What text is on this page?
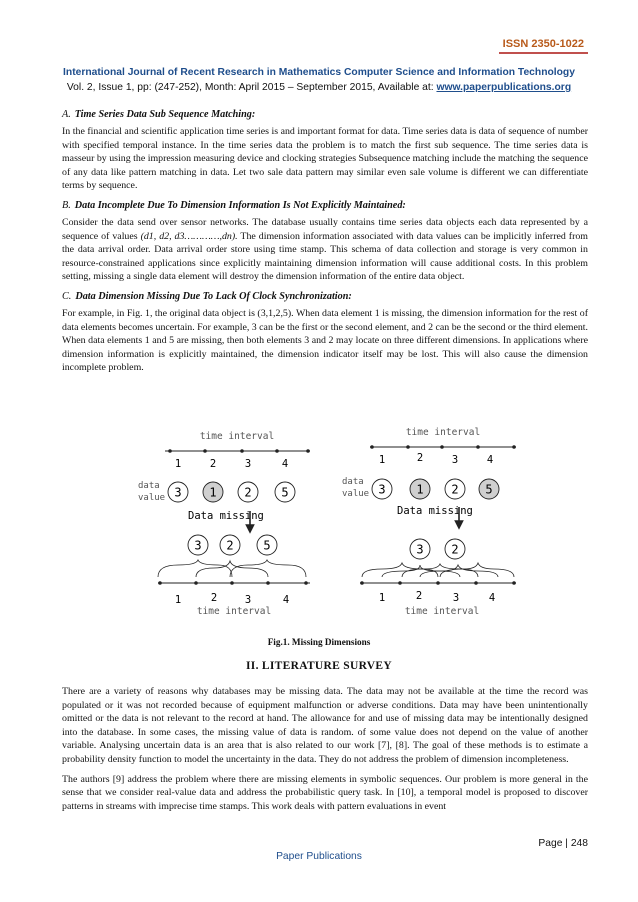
ISSN 2350-1022
International Journal of Recent Research in Mathematics Computer Science and Information Technology
Vol. 2, Issue 1, pp: (247-252), Month: April 2015 – September 2015, Available at: www.paperpublications.org
A. Time Series Data Sub Sequence Matching:

In the financial and scientific application time series is and important format for data. Time series data is data of sequence of number with specified temporal instance. In the time series data the problem is to match the first sub sequence. The time series data is masseur by using the impression measuring device and clocking strategies Subsequence matching include the matching the sequence of any data like pattern matching in data. Let two sale data pattern may similar even sale volume is different we can differentiate terms by sequence.

B. Data Incomplete Due To Dimension Information Is Not Explicitly Maintained:

Consider the data send over sensor networks. The database usually contains time series data objects each data represented by a sequence of values (d1, d2, d3…………,dn). The dimension information associated with data values can be implicitly inferred from the data arrival order. Data arrival order store using time stamp. This schema of data collection and storage is very common in resource-constrained applications since explicitly maintaining dimension information will cause additional costs. In this problem setting, missing a single data element will destroy the dimension information of the entire data object.

C. Data Dimension Missing Due To Lack Of Clock Synchronization:

For example, in Fig. 1, the original data object is (3,1,2,5). When data element 1 is missing, the dimension information for the rest of data elements becomes uncertain. For example, 3 can be the first or the second element, and 2 can be the second or the third element. When data elements 1 and 5 are missing, then both elements 3 and 2 may locate on three different dimensions. In applications where dimension information is explicitly maintained, the dimension indicator itself may be lost. This will also cause the dimension incomplete problem.

time interval
1	2	3	4
data
value 3 1 2 5
Data missing
3 2 5
1	2	3	4
time interval
time interval
1	2	3	4
data
value 3	1 2 5
Data missing
3 2
1	2	3	4
time interval
Fig.1. Missing Dimensions
II. LITERATURE SURVEY

There are a variety of reasons why databases may be missing data. The data may not be available at the time the record was populated or it was not recorded because of equipment malfunction or adverse conditions. Data may have been unintentionally omitted or the data is not relevant to the record at hand. The allowance for and use of missing data may be intentionally designed into the database. In some cases, the missing value of data is random. of some value does not depend on the value of another variable. Analysing uncertain data is an area that is also related to our work [7], [8]. The goal of these methods is to estimate a probability density function to model the uncertainty in the data. They do not address the problem of dimension incompleteness.

The authors [9] address the problem where there are missing elements in symbolic sequences. Our problem is more general in the sense that we consider real-value data and address the probabilistic query task. In [10], a temporal model is proposed to discover patterns in streams with imprecise time stamps. This work deals with pattern evaluations in event

Page | 248
Paper Publications
